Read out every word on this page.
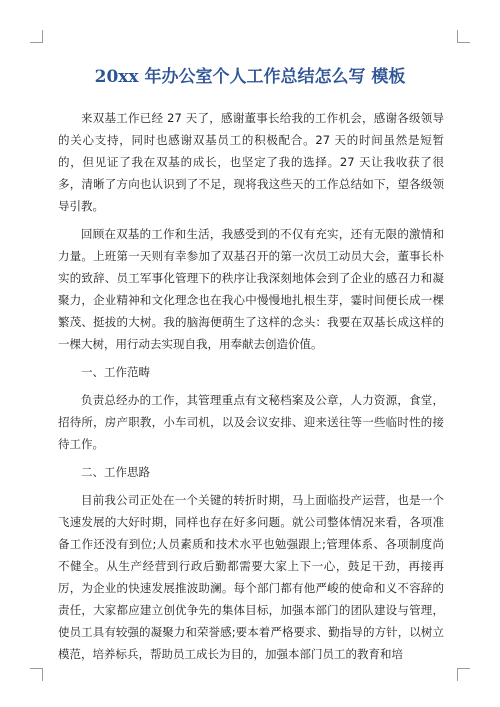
20xx 年办公室个人工作总结怎么写 模板

来双基工作已经 27 天了，感谢董事长给我的工作机会，感谢各级领导的关心支持，同时也感谢双基员工的积极配合。27 天的时间虽然是短暂的，但见证了我在双基的成长，也坚定了我的选择。27 天让我收获了很多，清晰了方向也认识到了不足，现将我这些天的工作总结如下，望各级领导引教。

回顾在双基的工作和生活，我感受到的不仅有充实，还有无限的激情和力量。上班第一天则有幸参加了双基召开的第一次员工动员大会，董事长朴实的致辞、员工军事化管理下的秩序让我深刻地体会到了企业的感召力和凝聚力，企业精神和文化理念也在我心中慢慢地扎根生芽，霎时间便长成一棵繁茂、挺拔的大树。我的脑海便萌生了这样的念头：我要在双基长成这样的一棵大树，用行动去实现自我，用奉献去创造价值。

一、工作范畴

负责总经办的工作，其管理重点有文秘档案及公章，人力资源，食堂，招待所，房产职教，小车司机，以及会议安排、迎来送往等一些临时性的接待工作。

二、工作思路

目前我公司正处在一个关键的转折时期，马上面临投产运营，也是一个飞速发展的大好时期，同样也存在好多问题。就公司整体情况来看，各项准备工作还没有到位;人员素质和技术水平也勉强跟上;管理体系、各项制度尚不健全。从生产经营到行政后勤都需要大家上下一心，鼓足干劲，再接再厉，为企业的快速发展推波助澜。每个部门都有他严峻的使命和义不容辞的责任，大家都应建立创优争先的集体目标，加强本部门的团队建设与管理，使员工具有较强的凝聚力和荣誉感;要本着严格要求、勤指导的方针，以树立模范，培养标兵，帮助员工成长为目的，加强本部门员工的教育和培
